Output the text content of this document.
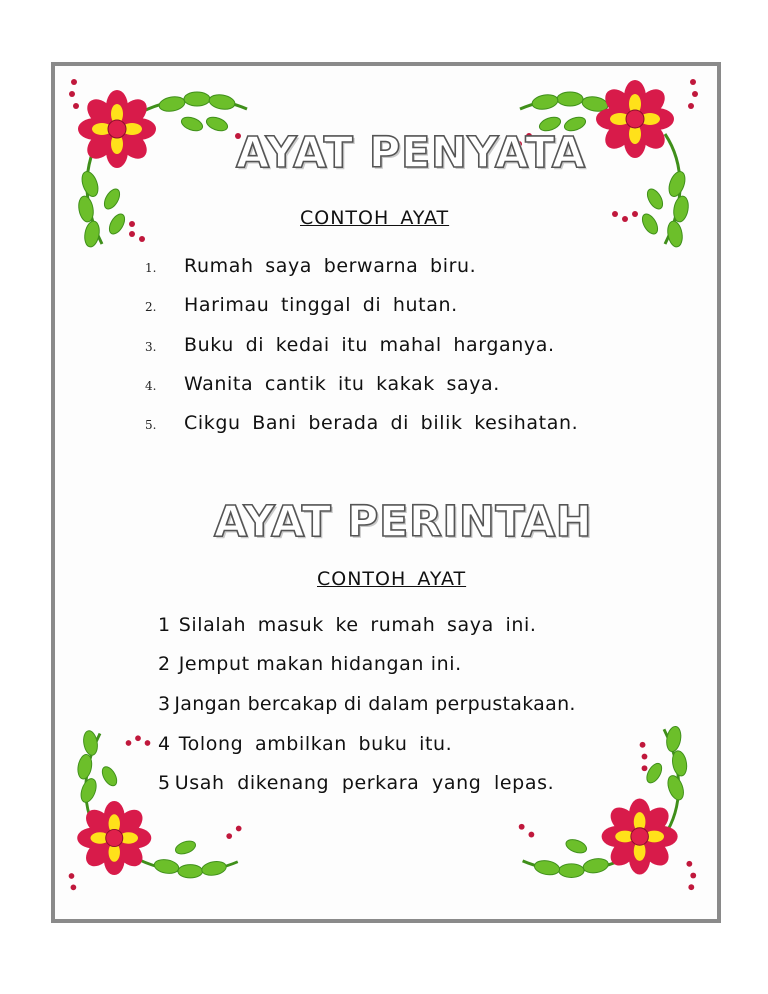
AYAT PENYATA
CONTOH AYAT
1. Rumah saya berwarna biru.
2. Harimau tinggal di hutan.
3. Buku di kedai itu mahal harganya.
4. Wanita cantik itu kakak saya.
5. Cikgu Bani berada di bilik kesihatan.
AYAT PERINTAH
CONTOH AYAT
1 Silalah masuk ke rumah saya ini.
2 Jemput makan hidangan ini.
3 Jangan bercakap di dalam perpustakaan.
4 Tolong ambilkan buku itu.
5 Usah dikenang perkara yang lepas.
